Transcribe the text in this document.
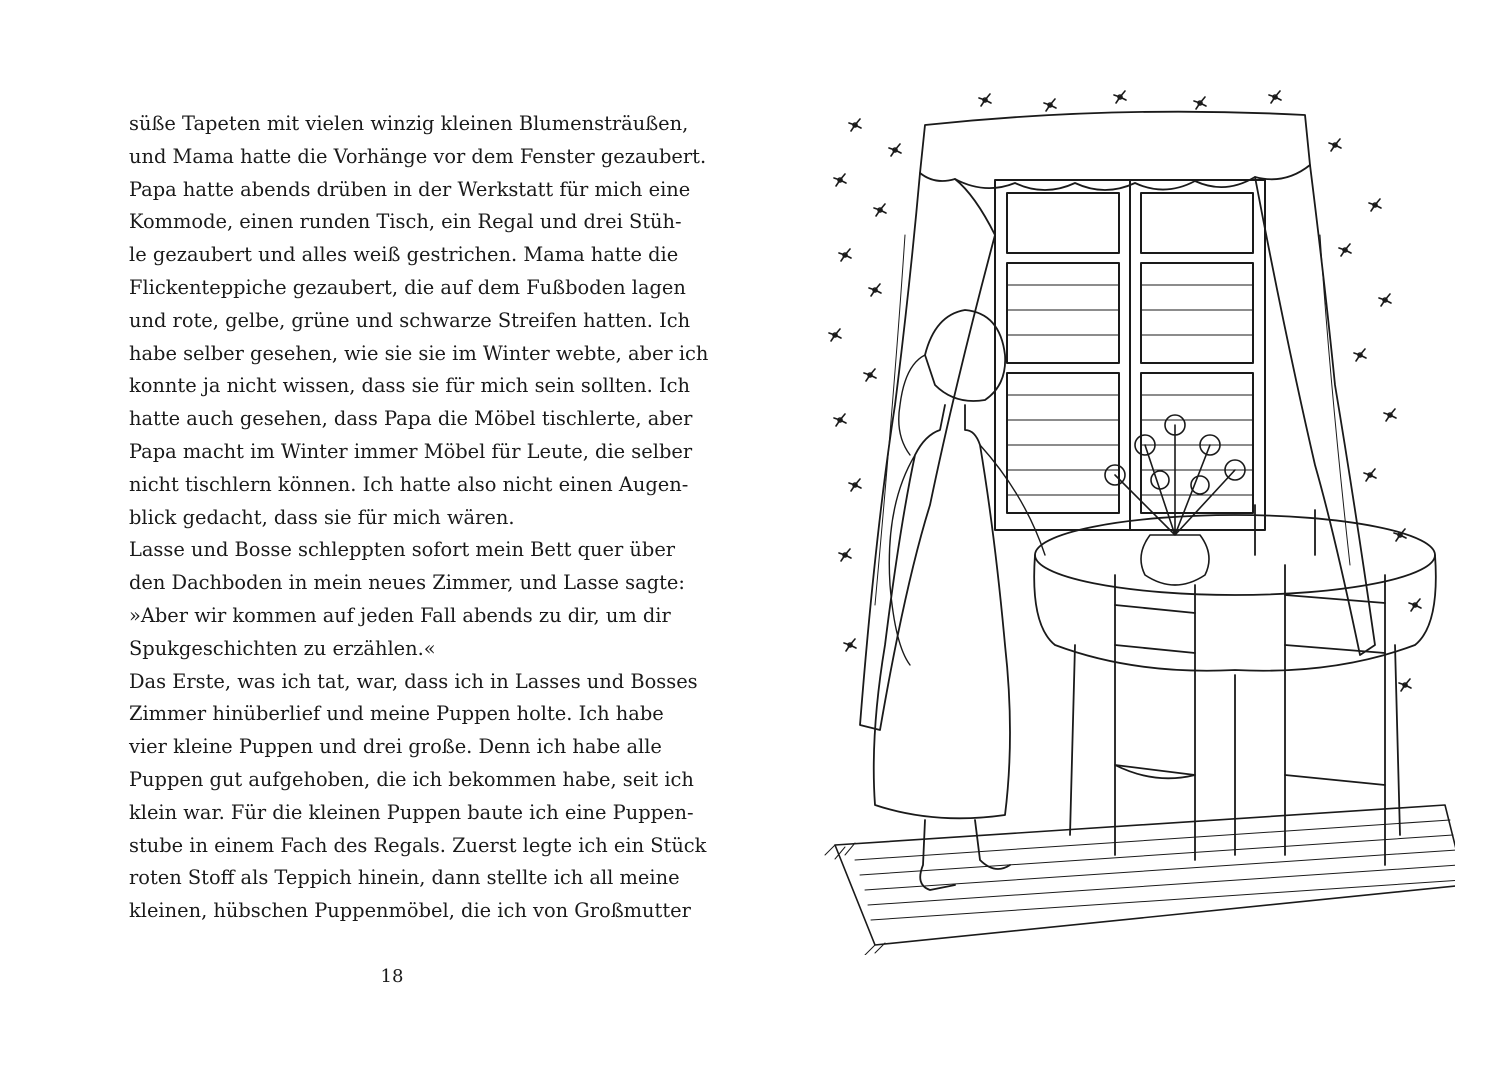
süße Tapeten mit vielen winzig kleinen Blumensträußen,
und Mama hatte die Vorhänge vor dem Fenster gezaubert.
Papa hatte abends drüben in der Werkstatt für mich eine
Kommode, einen runden Tisch, ein Regal und drei Stüh-
le gezaubert und alles weiß gestrichen. Mama hatte die
Flickenteppiche gezaubert, die auf dem Fußboden lagen
und rote, gelbe, grüne und schwarze Streifen hatten. Ich
habe selber gesehen, wie sie sie im Winter webte, aber ich
konnte ja nicht wissen, dass sie für mich sein sollten. Ich
hatte auch gesehen, dass Papa die Möbel tischlerte, aber
Papa macht im Winter immer Möbel für Leute, die selber
nicht tischlern können. Ich hatte also nicht einen Augen-
blick gedacht, dass sie für mich wären.
Lasse und Bosse schleppten sofort mein Bett quer über
den Dachboden in mein neues Zimmer, und Lasse sagte:
»Aber wir kommen auf jeden Fall abends zu dir, um dir
Spukgeschichten zu erzählen.«
Das Erste, was ich tat, war, dass ich in Lasses und Bosses
Zimmer hinüberlief und meine Puppen holte. Ich habe
vier kleine Puppen und drei große. Denn ich habe alle
Puppen gut aufgehoben, die ich bekommen habe, seit ich
klein war. Für die kleinen Puppen baute ich eine Puppen-
stube in einem Fach des Regals. Zuerst legte ich ein Stück
roten Stoff als Teppich hinein, dann stellte ich all meine
kleinen, hübschen Puppenmöbel, die ich von Großmutter
18
